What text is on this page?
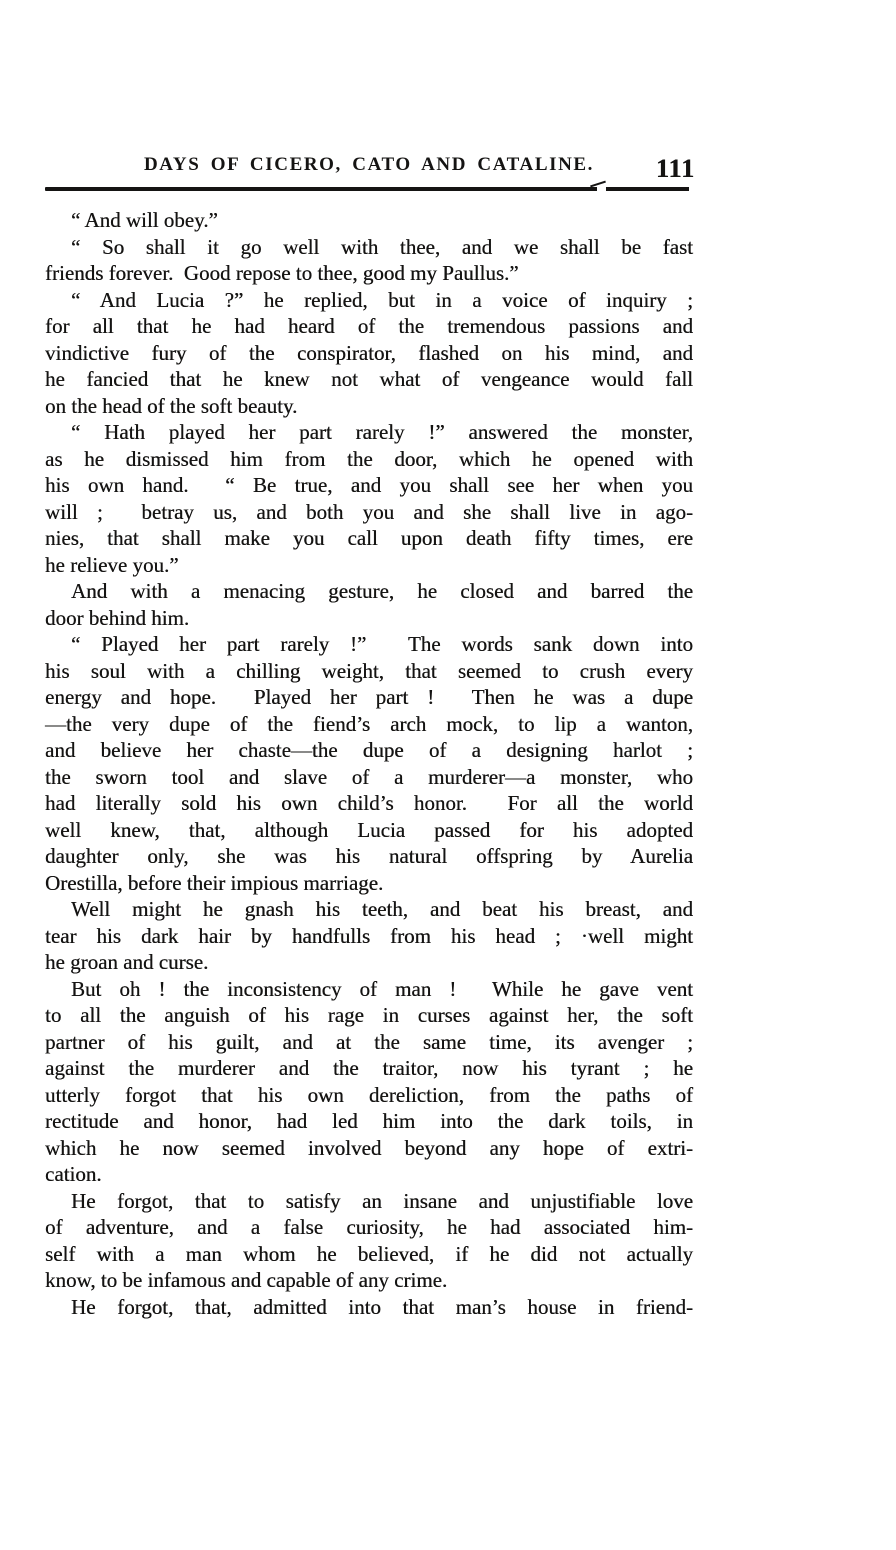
DAYS OF CICERO, CATO AND CATALINE.	111
“ And will obey.”
“ So shall it go well with thee, and we shall be fast
friends forever.  Good repose to thee, good my Paullus.”
“ And Lucia ?” he replied, but in a voice of inquiry ;
for all that he had heard of the tremendous passions and
vindictive fury of the conspirator, flashed on his mind, and
he fancied that he knew not what of vengeance would fall
on the head of the soft beauty.
“ Hath played her part rarely !” answered the monster,
as he dismissed him from the door, which he opened with
his own hand.  “ Be true, and you shall see her when you
will ;  betray us, and both you and she shall live in ago-
nies, that shall make you call upon death fifty times, ere
he relieve you.”
And with a menacing gesture, he closed and barred the
door behind him.
“ Played her part rarely !”  The words sank down into
his soul with a chilling weight, that seemed to crush every
energy and hope.  Played her part !  Then he was a dupe
—the very dupe of the fiend’s arch mock, to lip a wanton,
and believe her chaste—the dupe of a designing harlot ;
the sworn tool and slave of a murderer—a monster, who
had literally sold his own child’s honor.  For all the world
well knew, that, although Lucia passed for his adopted
daughter only, she was his natural offspring by Aurelia
Orestilla, before their impious marriage.
Well might he gnash his teeth, and beat his breast, and
tear his dark hair by handfulls from his head ; ·well might
he groan and curse.
But oh ! the inconsistency of man !  While he gave vent
to all the anguish of his rage in curses against her, the soft
partner of his guilt, and at the same time, its avenger ;
against the murderer and the traitor, now his tyrant ; he
utterly forgot that his own dereliction, from the paths of
rectitude and honor, had led him into the dark toils, in
which he now seemed involved beyond any hope of extri-
cation.
He forgot, that to satisfy an insane and unjustifiable love
of adventure, and a false curiosity, he had associated him-
self with a man whom he believed, if he did not actually
know, to be infamous and capable of any crime.
He forgot, that, admitted into that man’s house in friend-
